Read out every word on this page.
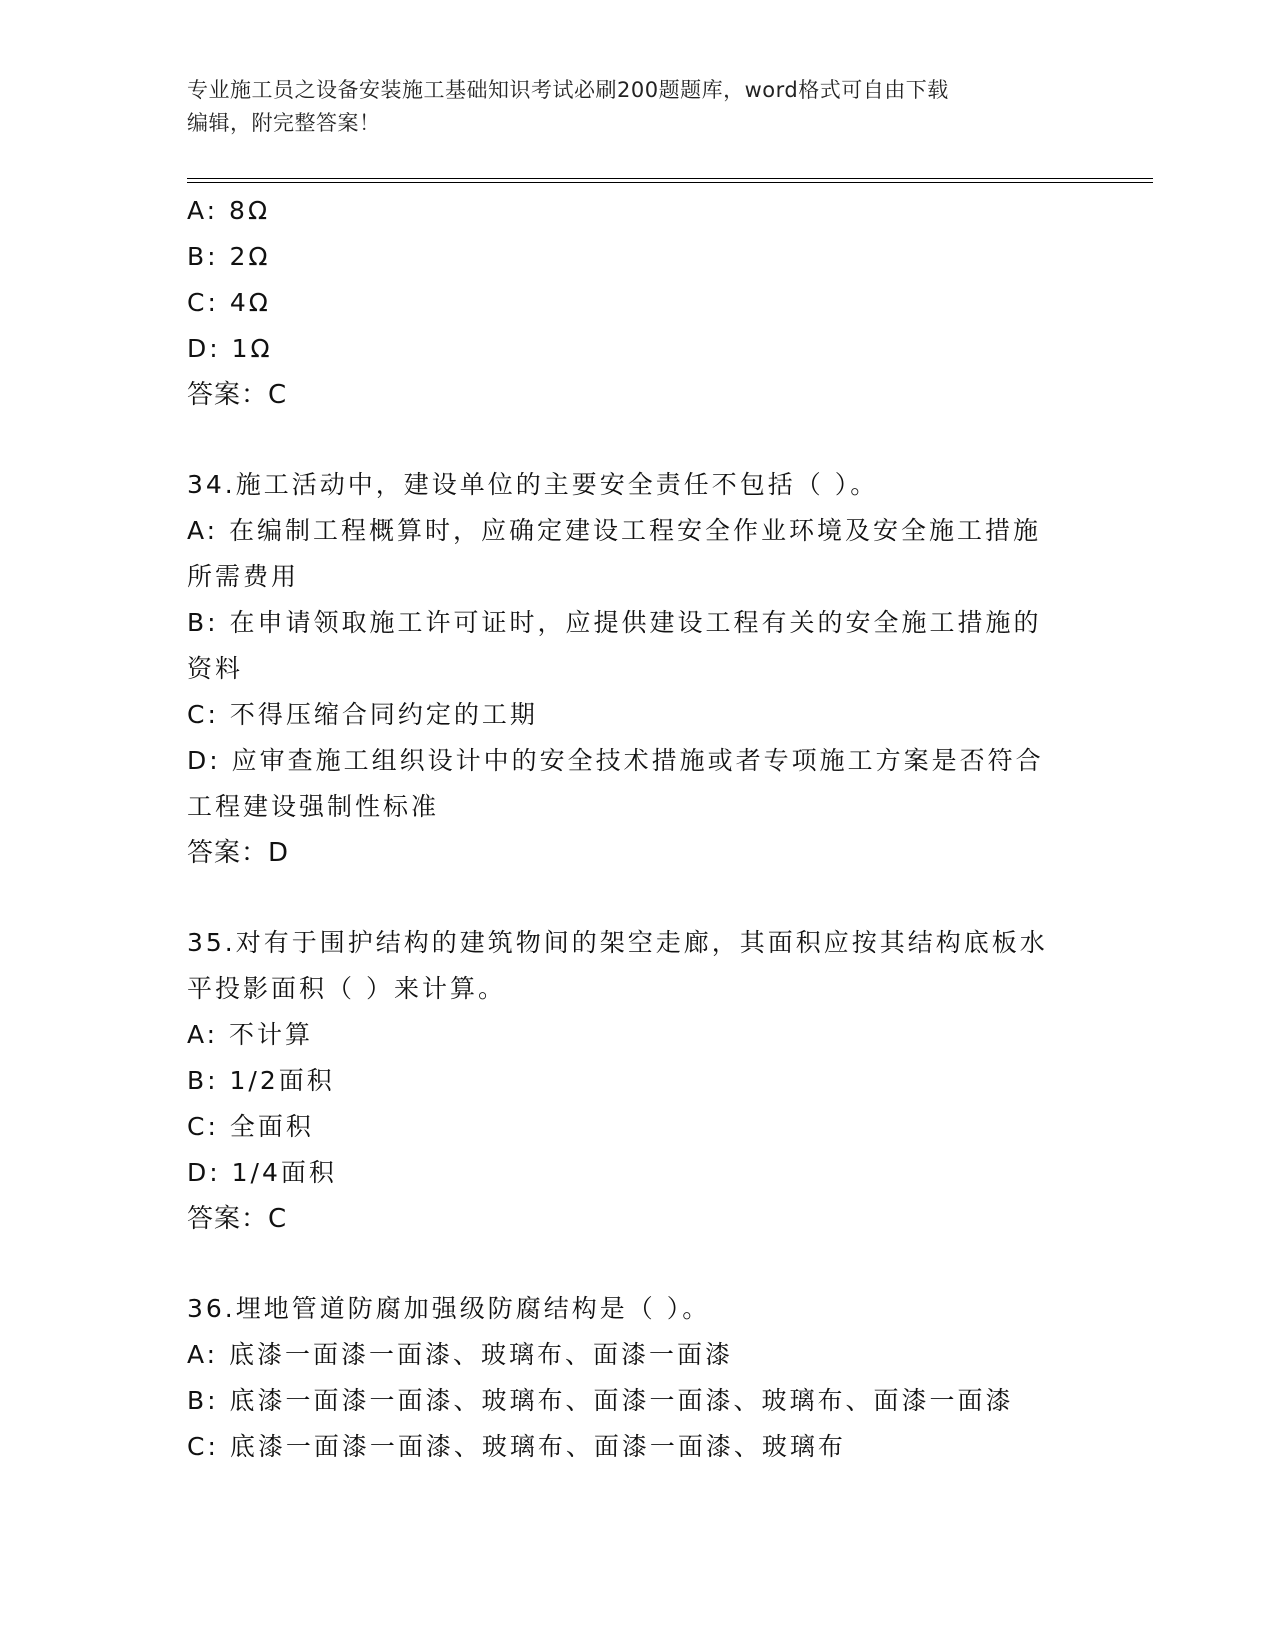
专业施工员之设备安装施工基础知识考试必刷200题题库，word格式可自由下载
编辑，附完整答案！
A: 8Ω
B: 2Ω
C: 4Ω
D: 1Ω
答案：C
34.施工活动中，建设单位的主要安全责任不包括（ ）。
A: 在编制工程概算时，应确定建设工程安全作业环境及安全施工措施
所需费用
B: 在申请领取施工许可证时，应提供建设工程有关的安全施工措施的
资料
C: 不得压缩合同约定的工期
D: 应审查施工组织设计中的安全技术措施或者专项施工方案是否符合
工程建设强制性标准
答案：D
35.对有于围护结构的建筑物间的架空走廊，其面积应按其结构底板水
平投影面积（ ）来计算。
A: 不计算
B: 1/2面积
C: 全面积
D: 1/4面积
答案：C
36.埋地管道防腐加强级防腐结构是（ ）。
A: 底漆一面漆一面漆、玻璃布、面漆一面漆
B: 底漆一面漆一面漆、玻璃布、面漆一面漆、玻璃布、面漆一面漆
C: 底漆一面漆一面漆、玻璃布、面漆一面漆、玻璃布
